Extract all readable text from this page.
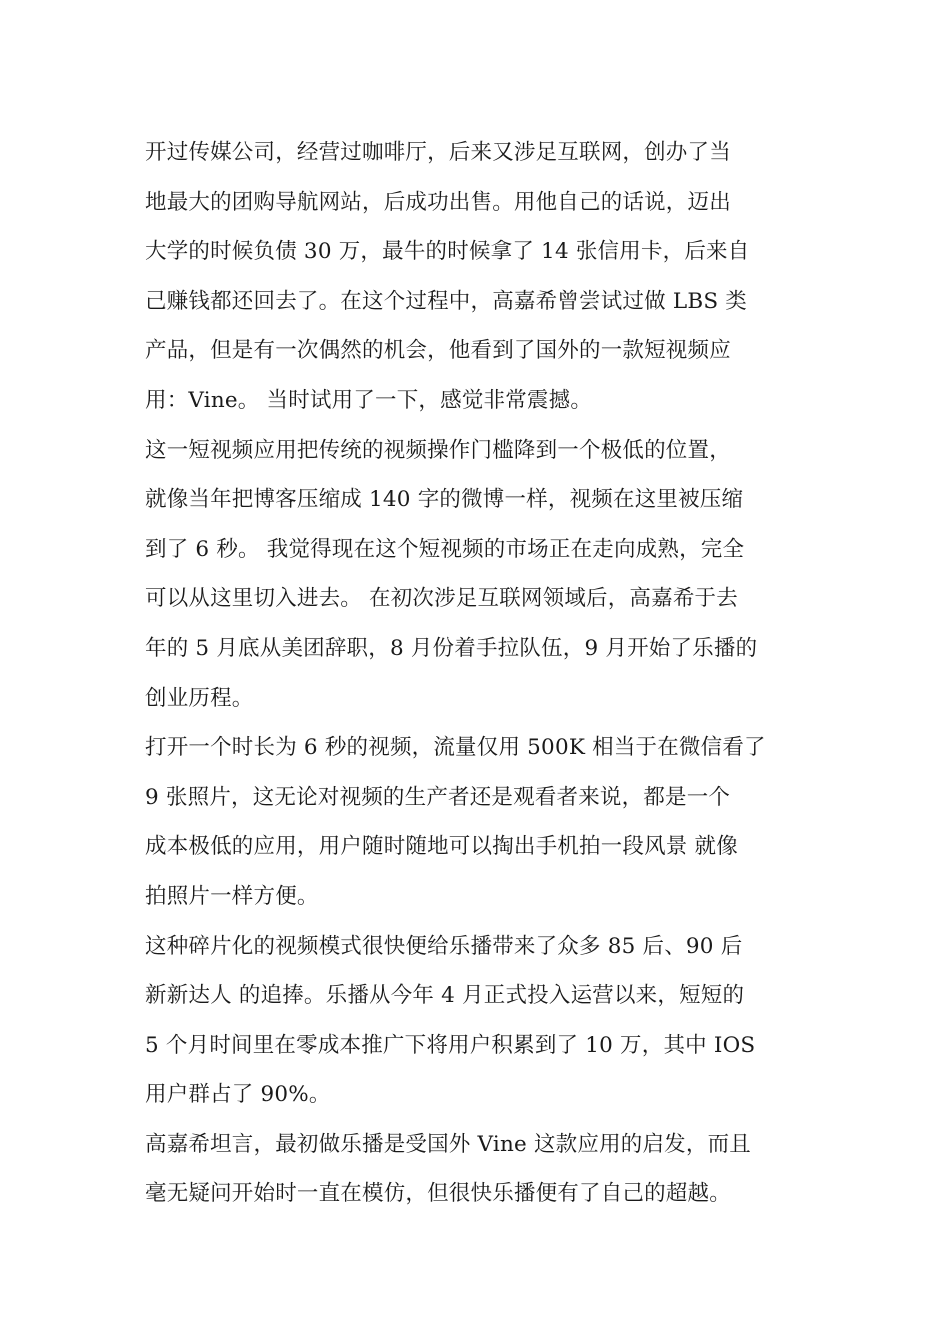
开过传媒公司，经营过咖啡厅，后来又涉足互联网，创办了当
地最大的团购导航网站，后成功出售。用他自己的话说，迈出
大学的时候负债 30 万，最牛的时候拿了 14 张信用卡，后来自
己赚钱都还回去了。在这个过程中，高嘉希曾尝试过做 LBS 类
产品，但是有一次偶然的机会，他看到了国外的一款短视频应
用：Vine。 当时试用了一下，感觉非常震撼。

这一短视频应用把传统的视频操作门槛降到一个极低的位置，
就像当年把博客压缩成 140 字的微博一样，视频在这里被压缩
到了 6 秒。 我觉得现在这个短视频的市场正在走向成熟，完全
可以从这里切入进去。 在初次涉足互联网领域后，高嘉希于去
年的 5 月底从美团辞职，8 月份着手拉队伍，9 月开始了乐播的
创业历程。

打开一个时长为 6 秒的视频，流量仅用 500K 相当于在微信看了
9 张照片，这无论对视频的生产者还是观看者来说，都是一个
成本极低的应用，用户随时随地可以掏出手机拍一段风景 就像
拍照片一样方便。

这种碎片化的视频模式很快便给乐播带来了众多 85 后、90 后
新新达人 的追捧。乐播从今年 4 月正式投入运营以来，短短的
5 个月时间里在零成本推广下将用户积累到了 10 万，其中 IOS
用户群占了 90%。

高嘉希坦言，最初做乐播是受国外 Vine 这款应用的启发，而且
毫无疑问开始时一直在模仿，但很快乐播便有了自己的超越。
